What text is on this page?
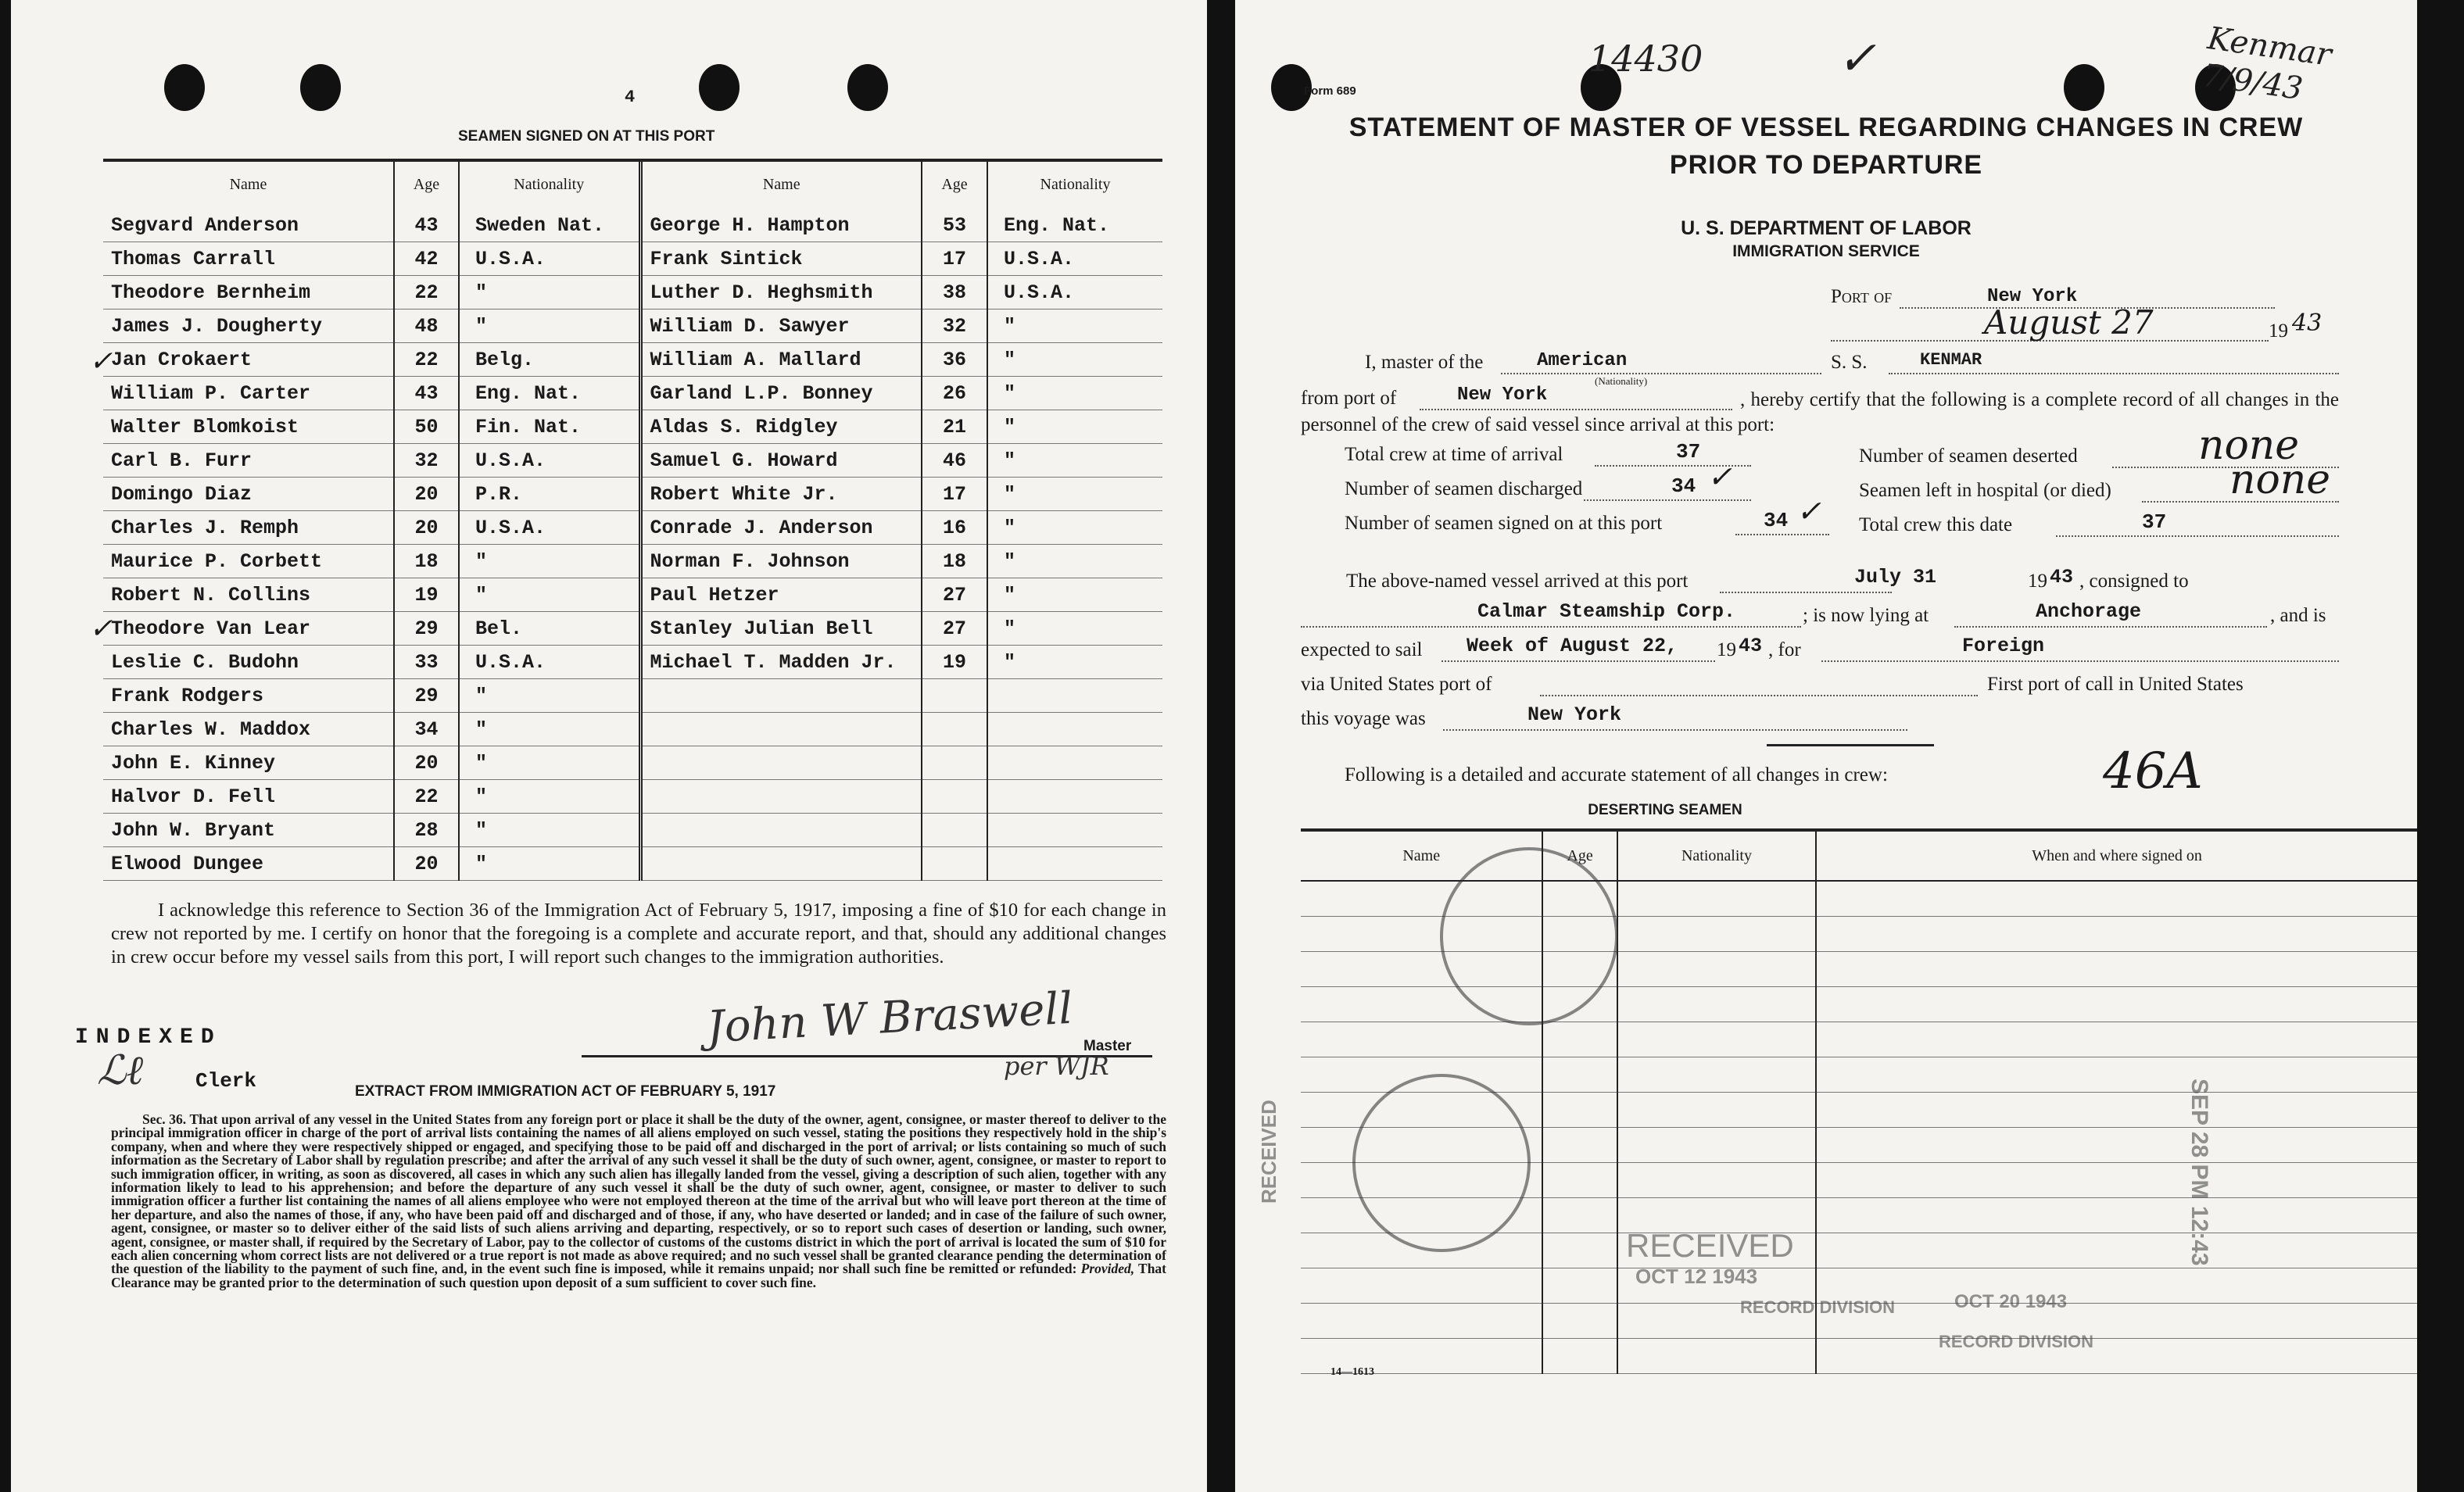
4
SEAMEN SIGNED ON AT THIS PORT
Name	Age	Nationality	Name	Age	Nationality
Segvard Anderson	43	Sweden Nat.	George H. Hampton	53	Eng. Nat.
Thomas Carrall	42	U.S.A.	Frank Sintick	17	U.S.A.
Theodore Bernheim	22	"	Luther D. Heghsmith	38	U.S.A.
James J. Dougherty	48	"	William D. Sawyer	32	"
Jan Crokaert	22	Belg.	William A. Mallard	36	"
William P. Carter	43	Eng. Nat.	Garland L.P. Bonney	26	"
Walter Blomkoist	50	Fin. Nat.	Aldas S. Ridgley	21	"
Carl B. Furr	32	U.S.A.	Samuel G. Howard	46	"
Domingo Diaz	20	P.R.	Robert White Jr.	17	"
Charles J. Remph	20	U.S.A.	Conrade J. Anderson	16	"
Maurice P. Corbett	18	"	Norman F. Johnson	18	"
Robert N. Collins	19	"	Paul Hetzer	27	"
Theodore Van Lear	29	Bel.	Stanley Julian Bell	27	"
Leslie C. Budohn	33	U.S.A.	Michael T. Madden Jr.	19	"
Frank Rodgers	29	"			
Charles W. Maddox	34	"			
John E. Kinney	20	"			
Halvor D. Fell	22	"			
John W. Bryant	28	"			
Elwood Dungee	20	"			
✓
✓
I acknowledge this reference to Section 36 of the Immigration Act of February 5, 1917, imposing a fine of $10 for each change in crew not reported by me. I certify on honor that the foregoing is a complete and accurate report, and that, should any additional changes in crew occur before my vessel sails from this port, I will report such changes to the immigration authorities.
John W Braswell Master
per WJR
INDEXED
ℒℓ	Clerk	EXTRACT FROM IMMIGRATION ACT OF FEBRUARY 5, 1917
Sec. 36. That upon arrival of any vessel in the United States from any foreign port or place it shall be the duty of the owner, agent, consignee, or master thereof to deliver to the principal immigration officer in charge of the port of arrival lists containing the names of all aliens employed on such vessel, stating the positions they respectively hold in the ship's company, when and where they were respectively shipped or engaged, and specifying those to be paid off and discharged in the port of arrival; or lists containing so much of such information as the Secretary of Labor shall by regulation prescribe; and after the arrival of any such vessel it shall be the duty of such owner, agent, consignee, or master to report to such immigration officer, in writing, as soon as discovered, all cases in which any such alien has illegally landed from the vessel, giving a description of such alien, together with any information likely to lead to his apprehension; and before the departure of any such vessel it shall be the duty of such owner, agent, consignee, or master to deliver to such immigration officer a further list containing the names of all aliens employee who were not employed thereon at the time of the arrival but who will leave port thereon at the time of her departure, and also the names of those, if any, who have been paid off and discharged and of those, if any, who have deserted or landed; and in case of the failure of such owner, agent, consignee, or master so to deliver either of the said lists of such aliens arriving and departing, respectively, or so to report such cases of desertion or landing, such owner, agent, consignee, or master shall, if required by the Secretary of Labor, pay to the collector of customs of the customs district in which the port of arrival is located the sum of $10 for each alien concerning whom correct lists are not delivered or a true report is not made as above required; and no such vessel shall be granted clearance pending the determination of the question of the liability to the payment of such fine, and, in the event such fine is imposed, while it remains unpaid; nor shall such fine be remitted or refunded: Provided, That Clearance may be granted prior to the determination of such question upon deposit of a sum sufficient to cover such fine.
Form 689
14430	✓	Kenmar 7/9/43
STATEMENT OF MASTER OF VESSEL REGARDING CHANGES IN CREW
PRIOR TO DEPARTURE
U. S. DEPARTMENT OF LABOR
IMMIGRATION SERVICE
Port of	New York
August 27	19 43
I, master of the	American
(Nationality)
S. S.	KENMAR
from port of	New York	, hereby certify that the following is a complete record of all changes in the personnel of the crew of said vessel since arrival at this port:
Total crew at time of arrival	37
Number of seamen discharged	34 ✓
Number of seamen signed on at this port	34 ✓
Number of seamen deserted	none
Seamen left in hospital (or died)	none
Total crew this date	37
The above-named vessel arrived at this port	July 31	19 43 , consigned to
Calmar Steamship Corp.	; is now lying at	Anchorage	, and is
expected to sail Week of August 22, 19 43 , for	Foreign
via United States port of	First port of call in United States
this voyage was	New York
Following is a detailed and accurate statement of all changes in crew:	46A
DESERTING SEAMEN
Name	Age	Nationality	When and where signed on

RECEIVED
RECEIVED
OCT 12 1943
RECORD DIVISION	OCT 20 1943
RECORD DIVISION
SEP 28 PM 12:43
14—1613
